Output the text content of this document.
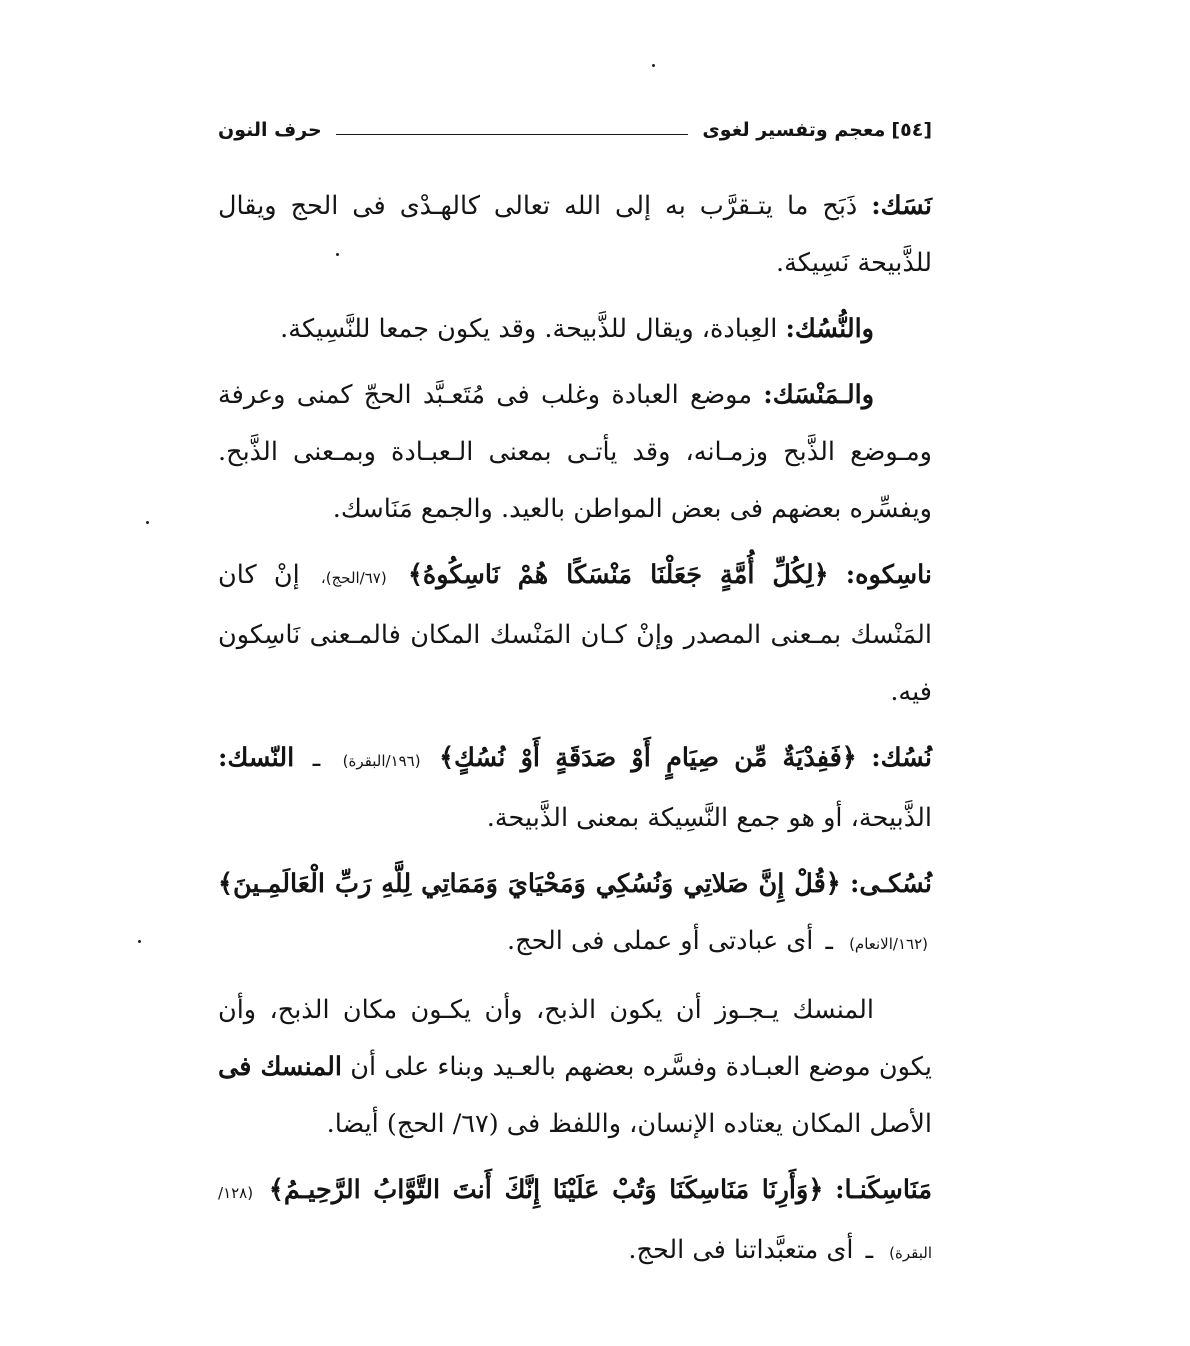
[٥٤]
معجم وتفسير لغوى
حرف النون

نَسَك: ذَبَح ما يتـقرَّب به إلى الله تعالى كالهـدْى فى الحج ويقال للذَّبيحة نَسِيكة.

والنُّسُك: العِبادة، ويقال للذَّبيحة. وقد يكون جمعا للنَّسِيكة.

والـمَنْسَك: موضع العبادة وغلب فى مُتَعـبَّد الحجّ كمنى وعرفة ومـوضع الذَّبح وزمـانه، وقد يأتـى بمعنى الـعبـادة وبمـعنى الذَّبح. ويفسِّره بعضهم فى بعض المواطن بالعيد. والجمع مَنَاسك.

ناسِكوه: ﴿لِكُلِّ أُمَّةٍ جَعَلْنَا مَنْسَكًا هُمْ نَاسِكُوهُ﴾ (٦٧/الحج)، إنْ كان المَنْسك بمـعنى المصدر وإنْ كـان المَنْسك المكان فالمـعنى نَاسِكون فيه.

نُسُك: ﴿فَفِدْيَةٌ مِّن صِيَامٍ أَوْ صَدَقَةٍ أَوْ نُسُكٍ﴾ (١٩٦/البقرة) ـ النّسك: الذَّبيحة، أو هو جمع النَّسِيكة بمعنى الذَّبيحة.

نُسُكـى: ﴿قُلْ إِنَّ صَلاتِي وَنُسُكِي وَمَحْيَايَ وَمَمَاتِي لِلَّهِ رَبِّ الْعَالَمِـينَ﴾ (١٦٢/الانعام) ـ أى عبادتى أو عملى فى الحج.

المنسك يـجـوز أن يكون الذبح، وأن يكـون مكان الذبح، وأن يكون موضع العبـادة وفسَّره بعضهم بالعـيد وبناء على أن المنسك فى الأصل المكان يعتاده الإنسان، واللفظ فى (٦٧/ الحج) أيضا.

مَنَاسِكَنـا: ﴿وَأَرِنَا مَنَاسِكَنَا وَتُبْ عَلَيْنَا إِنَّكَ أَنتَ التَّوَّابُ الرَّحِيـمُ﴾ (١٢٨/البقرة) ـ أى متعبَّداتنا فى الحج.
